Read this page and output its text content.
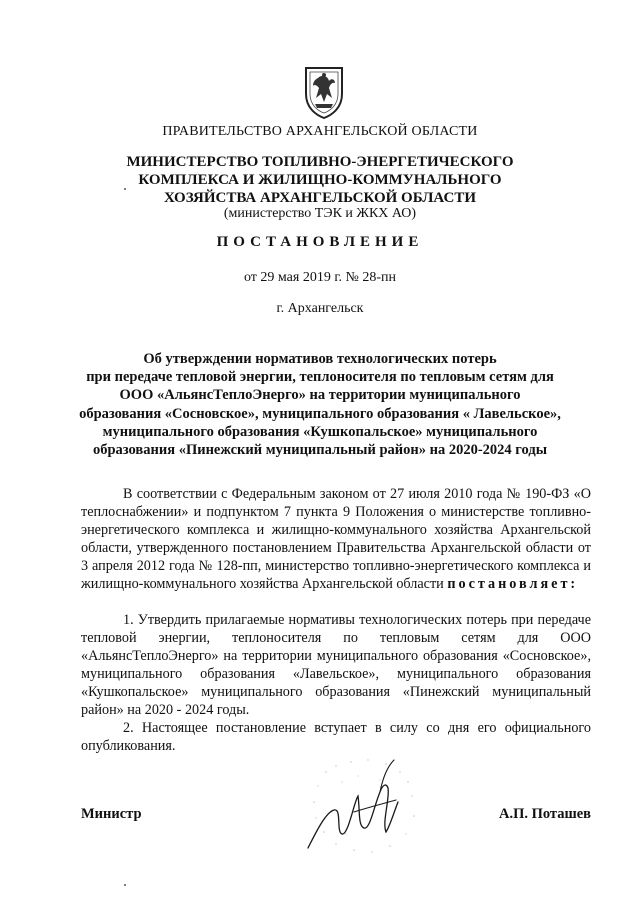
ПРАВИТЕЛЬСТВО АРХАНГЕЛЬСКОЙ ОБЛАСТИ
МИНИСТЕРСТВО ТОПЛИВНО-ЭНЕРГЕТИЧЕСКОГО
КОМПЛЕКСА И ЖИЛИЩНО-КОММУНАЛЬНОГО
ХОЗЯЙСТВА АРХАНГЕЛЬСКОЙ ОБЛАСТИ
(министерство ТЭК и ЖКХ АО)
ПОСТАНОВЛЕНИЕ
от 29 мая 2019 г. № 28-пн
г. Архангельск
Об утверждении нормативов технологических потерь
при передаче тепловой энергии, теплоносителя по тепловым сетям для
ООО «АльянсТеплоЭнерго» на территории муниципального
образования «Сосновское», муниципального образования « Лавельское»,
муниципального образования «Кушкопальское» муниципального
образования «Пинежский муниципальный район» на 2020-2024 годы
В соответствии с Федеральным законом от 27 июля 2010 года № 190-ФЗ «О теплоснабжении» и подпунктом 7 пункта 9 Положения о министерстве топливно-энергетического комплекса и жилищно-коммунального хозяйства Архангельской области, утвержденного постановлением Правительства Архангельской области от 3 апреля 2012 года № 128-пп, министерство топливно-энергетического комплекса и жилищно-коммунального хозяйства Архангельской области постановляет:
1. Утвердить прилагаемые нормативы технологических потерь при передаче тепловой энергии, теплоносителя по тепловым сетям для ООО «АльянсТеплоЭнерго» на территории муниципального образования «Сосновское», муниципального образования «Лавельское», муниципального образования «Кушкопальское» муниципального образования «Пинежский муниципальный район» на 2020 - 2024 годы.
2. Настоящее постановление вступает в силу со дня его официального опубликования.
Министр	А.П. Поташев
